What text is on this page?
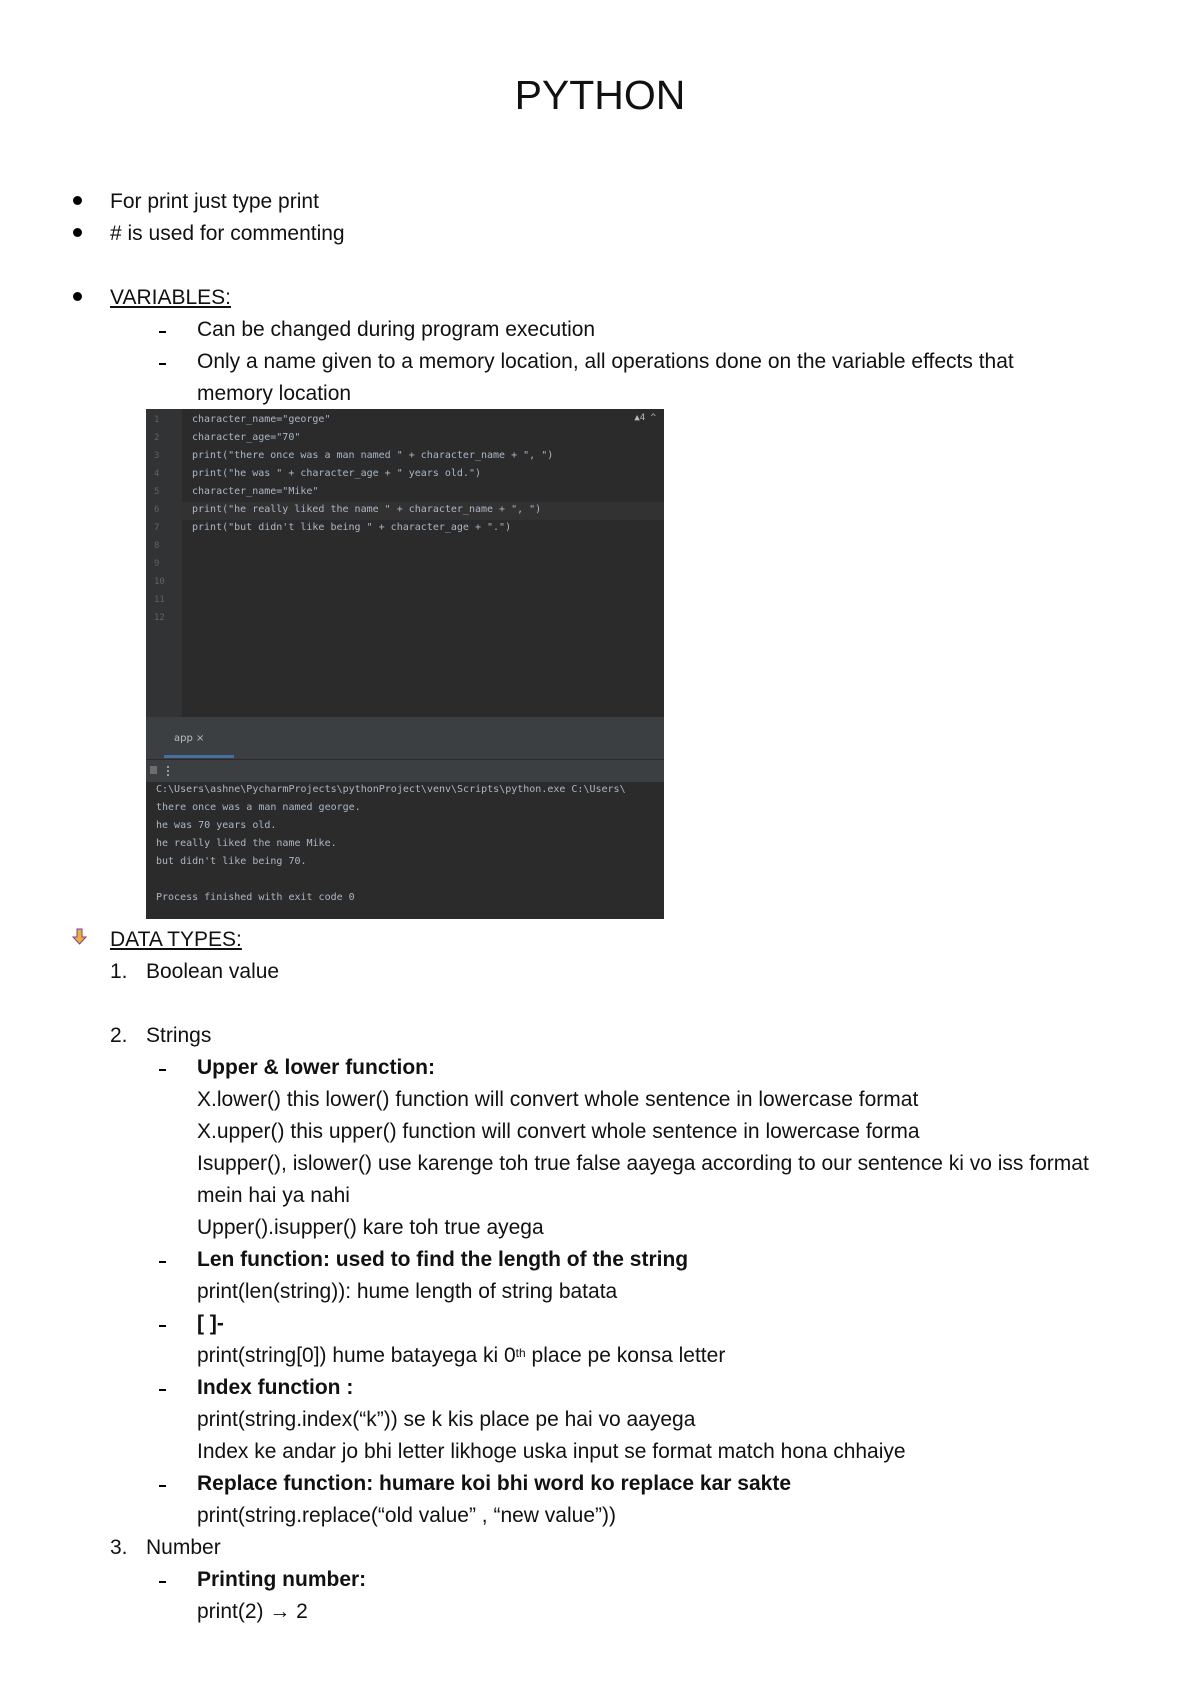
PYTHON
For print just type print
# is used for commenting
VARIABLES:
Can be changed during program execution
Only a name given to a memory location, all operations done on the variable effects that
memory location
1
2
3
4
5
6
7
8
9
10
11
12
▲4 ^
character_name="george"
character_age="70"
print("there once was a man named " + character_name + ", ")
print("he was " + character_age + " years old.")
character_name="Mike"
print("he really liked the name " + character_name + ", ")
print("but didn't like being " + character_age + ".")
app ×
C:\Users\ashne\PycharmProjects\pythonProject\venv\Scripts\python.exe C:\Users\
there once was a man named george.
he was 70 years old.
he really liked the name Mike.
but didn't like being 70.
Process finished with exit code 0
DATA TYPES:
1. Boolean value
2. Strings
Upper & lower function:
X.lower() this lower() function will convert whole sentence in lowercase format
X.upper() this upper() function will convert whole sentence in lowercase forma
Isupper(), islower() use karenge toh true false aayega according to our sentence ki vo iss format
mein hai ya nahi
Upper().isupper() kare toh true ayega
Len function: used to find the length of the string
print(len(string)): hume length of string batata
[ ]-
print(string[0]) hume batayega ki 0th place pe konsa letter
Index function :
print(string.index(“k”)) se k kis place pe hai vo aayega
Index ke andar jo bhi letter likhoge uska input se format match hona chhaiye
Replace function: humare koi bhi word ko replace kar sakte
print(string.replace(“old value” , “new value”))
3. Number
Printing number:
print(2) → 2
